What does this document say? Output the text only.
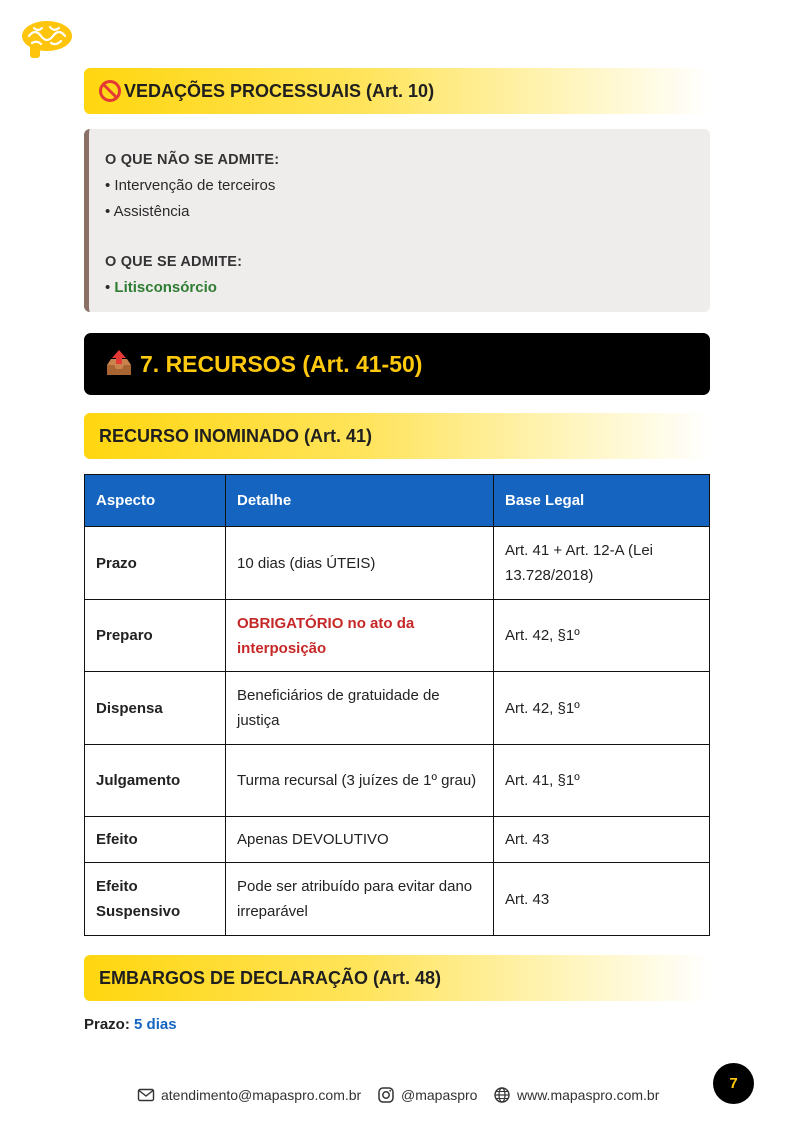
VEDAÇÕES PROCESSUAIS (Art. 10)
O QUE NÃO SE ADMITE:
• Intervenção de terceiros
• Assistência
O QUE SE ADMITE:
• Litisconsórcio
7. RECURSOS (Art. 41-50)
RECURSO INOMINADO (Art. 41)
Aspecto	Detalhe	Base Legal
Prazo	10 dias (dias ÚTEIS)	Art. 41 + Art. 12-A (Lei 13.728/2018)
Preparo	OBRIGATÓRIO no ato da interposição	Art. 42, §1º
Dispensa	Beneficiários de gratuidade de justiça	Art. 42, §1º
Julgamento	Turma recursal (3 juízes de 1º grau)	Art. 41, §1º
Efeito	Apenas DEVOLUTIVO	Art. 43
Efeito Suspensivo	Pode ser atribuído para evitar dano irreparável	Art. 43
EMBARGOS DE DECLARAÇÃO (Art. 48)
Prazo: 5 dias
atendimento@mapaspro.com.br	@mapaspro	www.mapaspro.com.br
7
